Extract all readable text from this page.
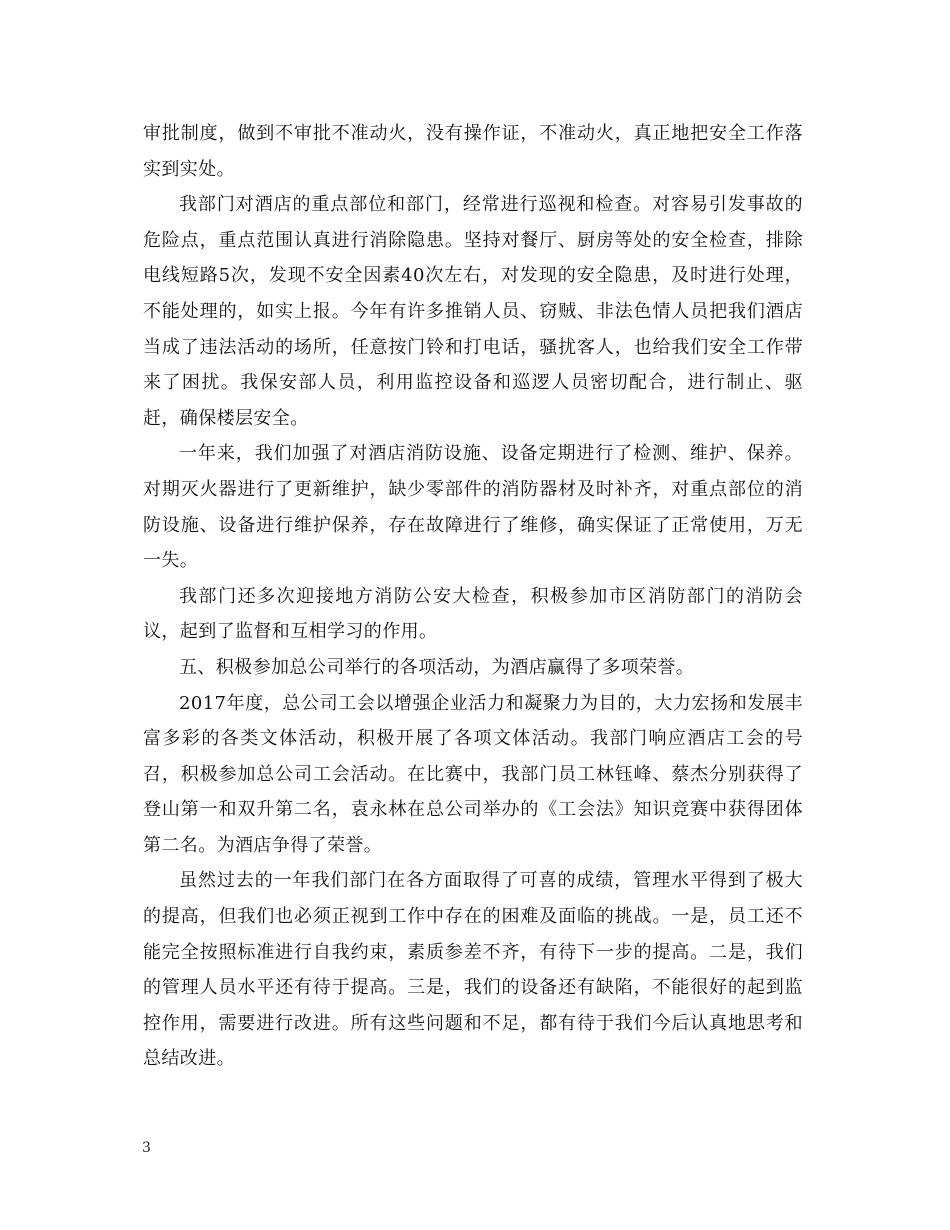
审批制度，做到不审批不准动火，没有操作证，不准动火，真正地把安全工作落实到实处。

我部门对酒店的重点部位和部门，经常进行巡视和检查。对容易引发事故的危险点，重点范围认真进行消除隐患。坚持对餐厅、厨房等处的安全检查，排除电线短路5次，发现不安全因素40次左右，对发现的安全隐患，及时进行处理，不能处理的，如实上报。今年有许多推销人员、窃贼、非法色情人员把我们酒店当成了违法活动的场所，任意按门铃和打电话，骚扰客人，也给我们安全工作带来了困扰。我保安部人员，利用监控设备和巡逻人员密切配合，进行制止、驱赶，确保楼层安全。

一年来，我们加强了对酒店消防设施、设备定期进行了检测、维护、保养。对期灭火器进行了更新维护，缺少零部件的消防器材及时补齐，对重点部位的消防设施、设备进行维护保养，存在故障进行了维修，确实保证了正常使用，万无一失。

我部门还多次迎接地方消防公安大检查，积极参加市区消防部门的消防会议，起到了监督和互相学习的作用。

五、积极参加总公司举行的各项活动，为酒店赢得了多项荣誉。

2017年度，总公司工会以增强企业活力和凝聚力为目的，大力宏扬和发展丰富多彩的各类文体活动，积极开展了各项文体活动。我部门响应酒店工会的号召，积极参加总公司工会活动。在比赛中，我部门员工林钰峰、蔡杰分别获得了登山第一和双升第二名，袁永林在总公司举办的《工会法》知识竞赛中获得团体第二名。为酒店争得了荣誉。

虽然过去的一年我们部门在各方面取得了可喜的成绩，管理水平得到了极大的提高，但我们也必须正视到工作中存在的困难及面临的挑战。一是，员工还不能完全按照标准进行自我约束，素质参差不齐，有待下一步的提高。二是，我们的管理人员水平还有待于提高。三是，我们的设备还有缺陷，不能很好的起到监控作用，需要进行改进。所有这些问题和不足，都有待于我们今后认真地思考和总结改进。

3
